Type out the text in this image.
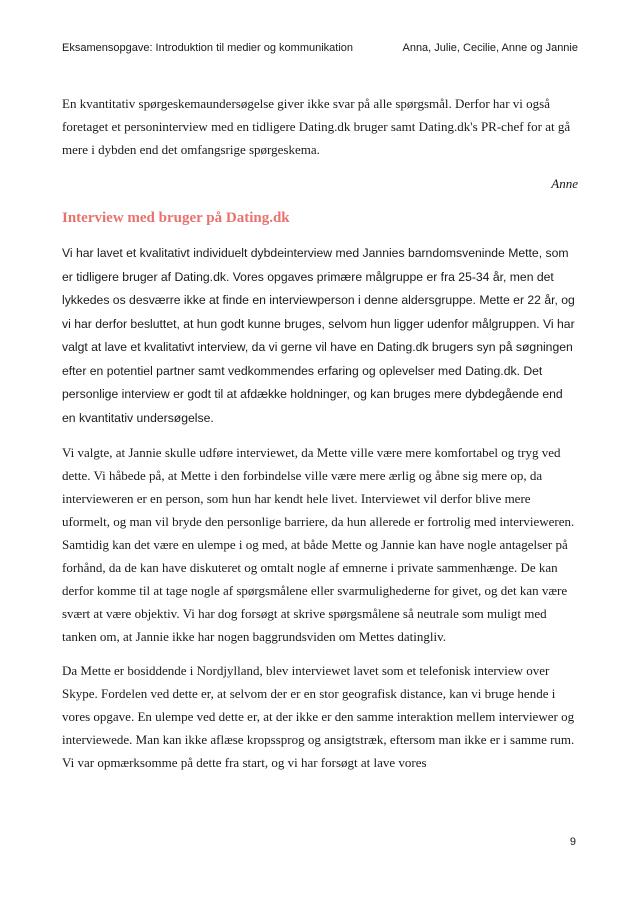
Eksamensopgave: Introduktion til medier og kommunikation	Anna, Julie, Cecilie, Anne og Jannie

En kvantitativ spørgeskemaundersøgelse giver ikke svar på alle spørgsmål. Derfor har vi også foretaget et personinterview med en tidligere Dating.dk bruger samt Dating.dk's PR-chef for at gå mere i dybden end det omfangsrige spørgeskema.

Anne
Interview med bruger på Dating.dk

Vi har lavet et kvalitativt individuelt dybdeinterview med Jannies barndomsveninde Mette, som er tidligere bruger af Dating.dk. Vores opgaves primære målgruppe er fra 25-34 år, men det lykkedes os desværre ikke at finde en interviewperson i denne aldersgruppe. Mette er 22 år, og vi har derfor besluttet, at hun godt kunne bruges, selvom hun ligger udenfor målgruppen. Vi har valgt at lave et kvalitativt interview, da vi gerne vil have en Dating.dk brugers syn på søgningen efter en potentiel partner samt vedkommendes erfaring og oplevelser med Dating.dk. Det personlige interview er godt til at afdække holdninger, og kan bruges mere dybdegående end en kvantitativ undersøgelse.

Vi valgte, at Jannie skulle udføre interviewet, da Mette ville være mere komfortabel og tryg ved dette. Vi håbede på, at Mette i den forbindelse ville være mere ærlig og åbne sig mere op, da intervieweren er en person, som hun har kendt hele livet. Interviewet vil derfor blive mere uformelt, og man vil bryde den personlige barriere, da hun allerede er fortrolig med intervieweren. Samtidig kan det være en ulempe i og med, at både Mette og Jannie kan have nogle antagelser på forhånd, da de kan have diskuteret og omtalt nogle af emnerne i private sammenhænge. De kan derfor komme til at tage nogle af spørgsmålene eller svarmulighederne for givet, og det kan være svært at være objektiv. Vi har dog forsøgt at skrive spørgsmålene så neutrale som muligt med tanken om, at Jannie ikke har nogen baggrundsviden om Mettes datingliv.

Da Mette er bosiddende i Nordjylland, blev interviewet lavet som et telefonisk interview over Skype. Fordelen ved dette er, at selvom der er en stor geografisk distance, kan vi bruge hende i vores opgave. En ulempe ved dette er, at der ikke er den samme interaktion mellem interviewer og interviewede. Man kan ikke aflæse kropssprog og ansigtstræk, eftersom man ikke er i samme rum. Vi var opmærksomme på dette fra start, og vi har forsøgt at lave vores

9
